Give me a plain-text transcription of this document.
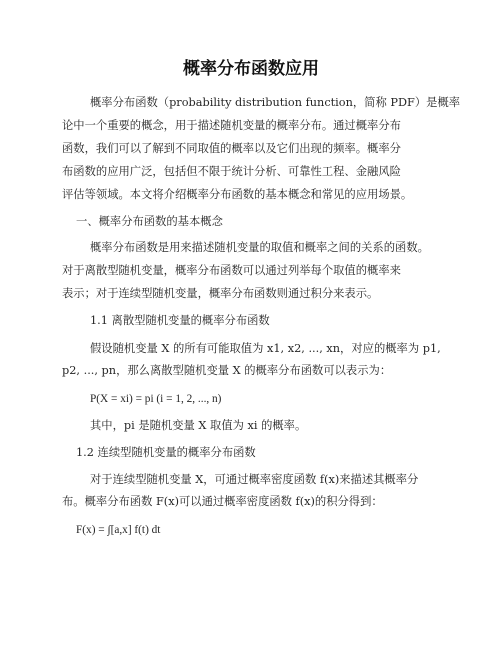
概率分布函数应用
概率分布函数（probability distribution function，简称 PDF）是概率
论中一个重要的概念，用于描述随机变量的概率分布。通过概率分布
函数，我们可以了解到不同取值的概率以及它们出现的频率。概率分
布函数的应用广泛，包括但不限于统计分析、可靠性工程、金融风险
评估等领域。本文将介绍概率分布函数的基本概念和常见的应用场景。
一、概率分布函数的基本概念
概率分布函数是用来描述随机变量的取值和概率之间的关系的函数。
对于离散型随机变量，概率分布函数可以通过列举每个取值的概率来
表示；对于连续型随机变量，概率分布函数则通过积分来表示。
1.1 离散型随机变量的概率分布函数
假设随机变量 X 的所有可能取值为 x1, x2, ..., xn，对应的概率为 p1,
p2, ..., pn，那么离散型随机变量 X 的概率分布函数可以表示为：
P(X = xi) = pi (i = 1, 2, ..., n)
其中，pi 是随机变量 X 取值为 xi 的概率。
1.2 连续型随机变量的概率分布函数
对于连续型随机变量 X，可通过概率密度函数 f(x)来描述其概率分
布。概率分布函数 F(x)可以通过概率密度函数 f(x)的积分得到：
F(x) = ∫[a,x] f(t) dt
